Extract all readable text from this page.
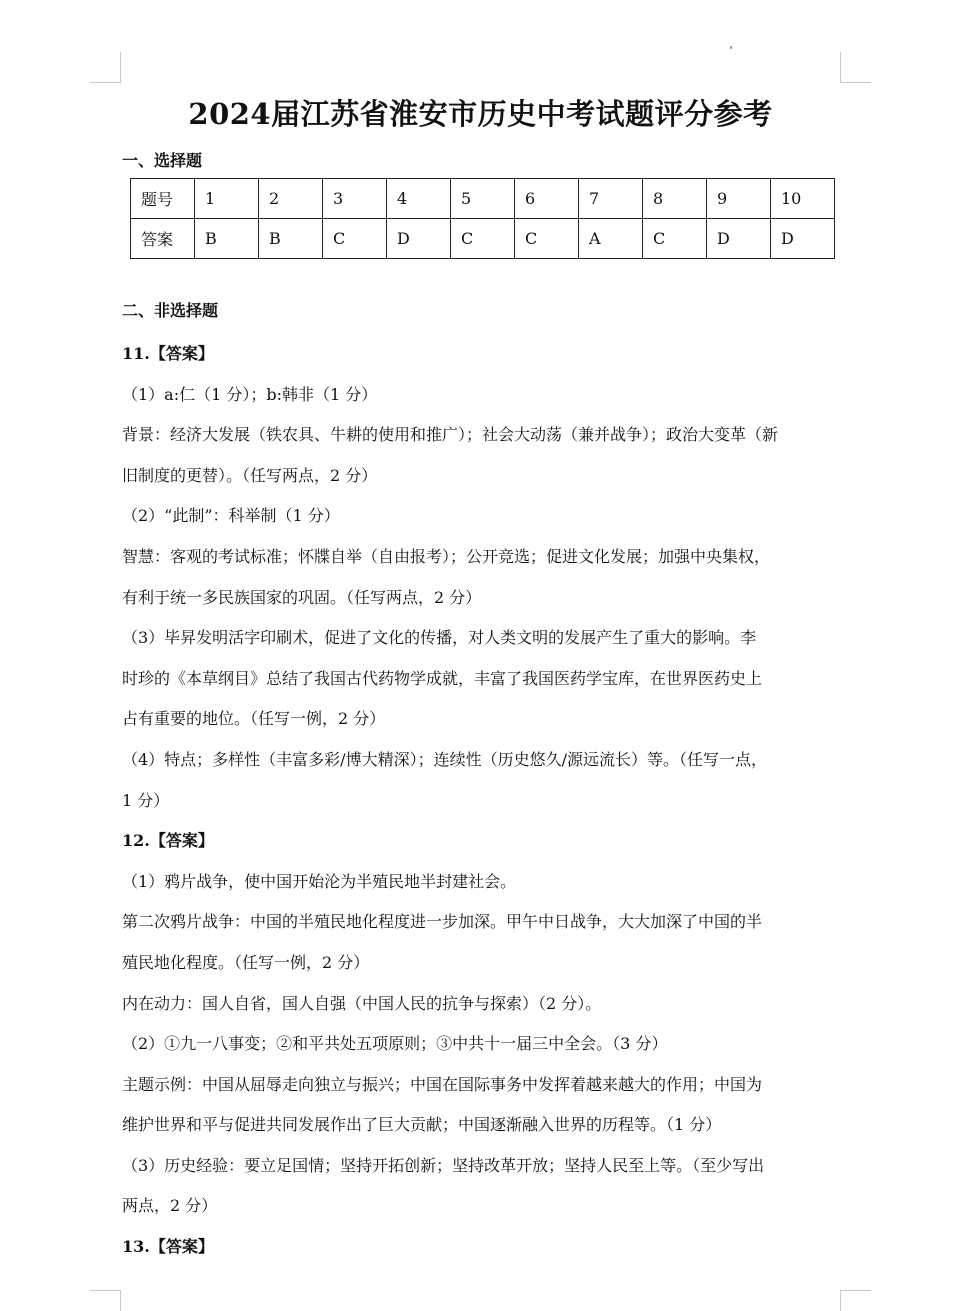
2024届江苏省淮安市历史中考试题评分参考
一、选择题
题号	1	2	3	4	5	6	7	8	9	10
答案	B	B	C	D	C	C	A	C	D	D
二、非选择题

11.【答案】

（1）a:仁（1 分）；b:韩非（1 分）

背景：经济大发展（铁农具、牛耕的使用和推广）；社会大动荡（兼并战争）；政治大变革（新

旧制度的更替）。（任写两点，2 分）

（2）“此制”：科举制（1 分）

智慧：客观的考试标准；怀牒自举（自由报考）；公开竞选；促进文化发展；加强中央集权，

有利于统一多民族国家的巩固。（任写两点，2 分）

（3）毕昇发明活字印刷术，促进了文化的传播，对人类文明的发展产生了重大的影响。李

时珍的《本草纲目》总结了我国古代药物学成就，丰富了我国医药学宝库，在世界医药史上

占有重要的地位。（任写一例，2 分）

（4）特点；多样性（丰富多彩/博大精深）；连续性（历史悠久/源远流长）等。（任写一点，

1 分）

12.【答案】

（1）鸦片战争，使中国开始沦为半殖民地半封建社会。

第二次鸦片战争：中国的半殖民地化程度进一步加深。甲午中日战争，大大加深了中国的半

殖民地化程度。（任写一例，2 分）

内在动力：国人自省，国人自强（中国人民的抗争与探索）（2 分）。

（2）①九一八事变；②和平共处五项原则；③中共十一届三中全会。（3 分）

主题示例：中国从屈辱走向独立与振兴；中国在国际事务中发挥着越来越大的作用；中国为

维护世界和平与促进共同发展作出了巨大贡献；中国逐渐融入世界的历程等。（1 分）

（3）历史经验：要立足国情；坚持开拓创新；坚持改革开放；坚持人民至上等。（至少写出

两点，2 分）

13.【答案】
